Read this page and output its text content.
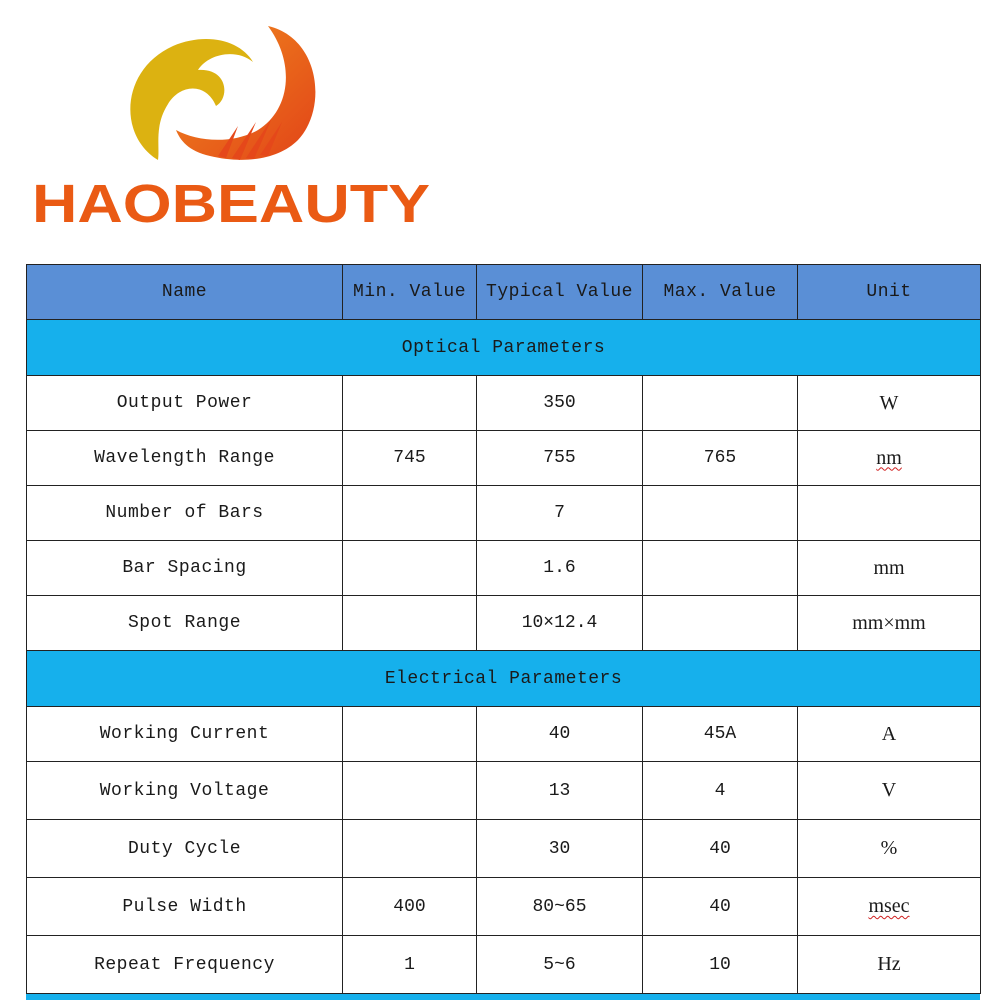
HAOBEAUTY
Name	Min. Value	Typical Value	Max. Value	Unit
Optical Parameters				
Output Power		350		W
Wavelength Range	745	755	765	nm
Number of Bars		7		
Bar Spacing		1.6		mm
Spot Range		10×12.4		mm×mm
Electrical Parameters				
Working Current		40	45A	A
Working Voltage		13	4	V
Duty Cycle		30	40	%
Pulse Width	400	80~65	40	msec
Repeat Frequency	1	5~6	10	Hz
